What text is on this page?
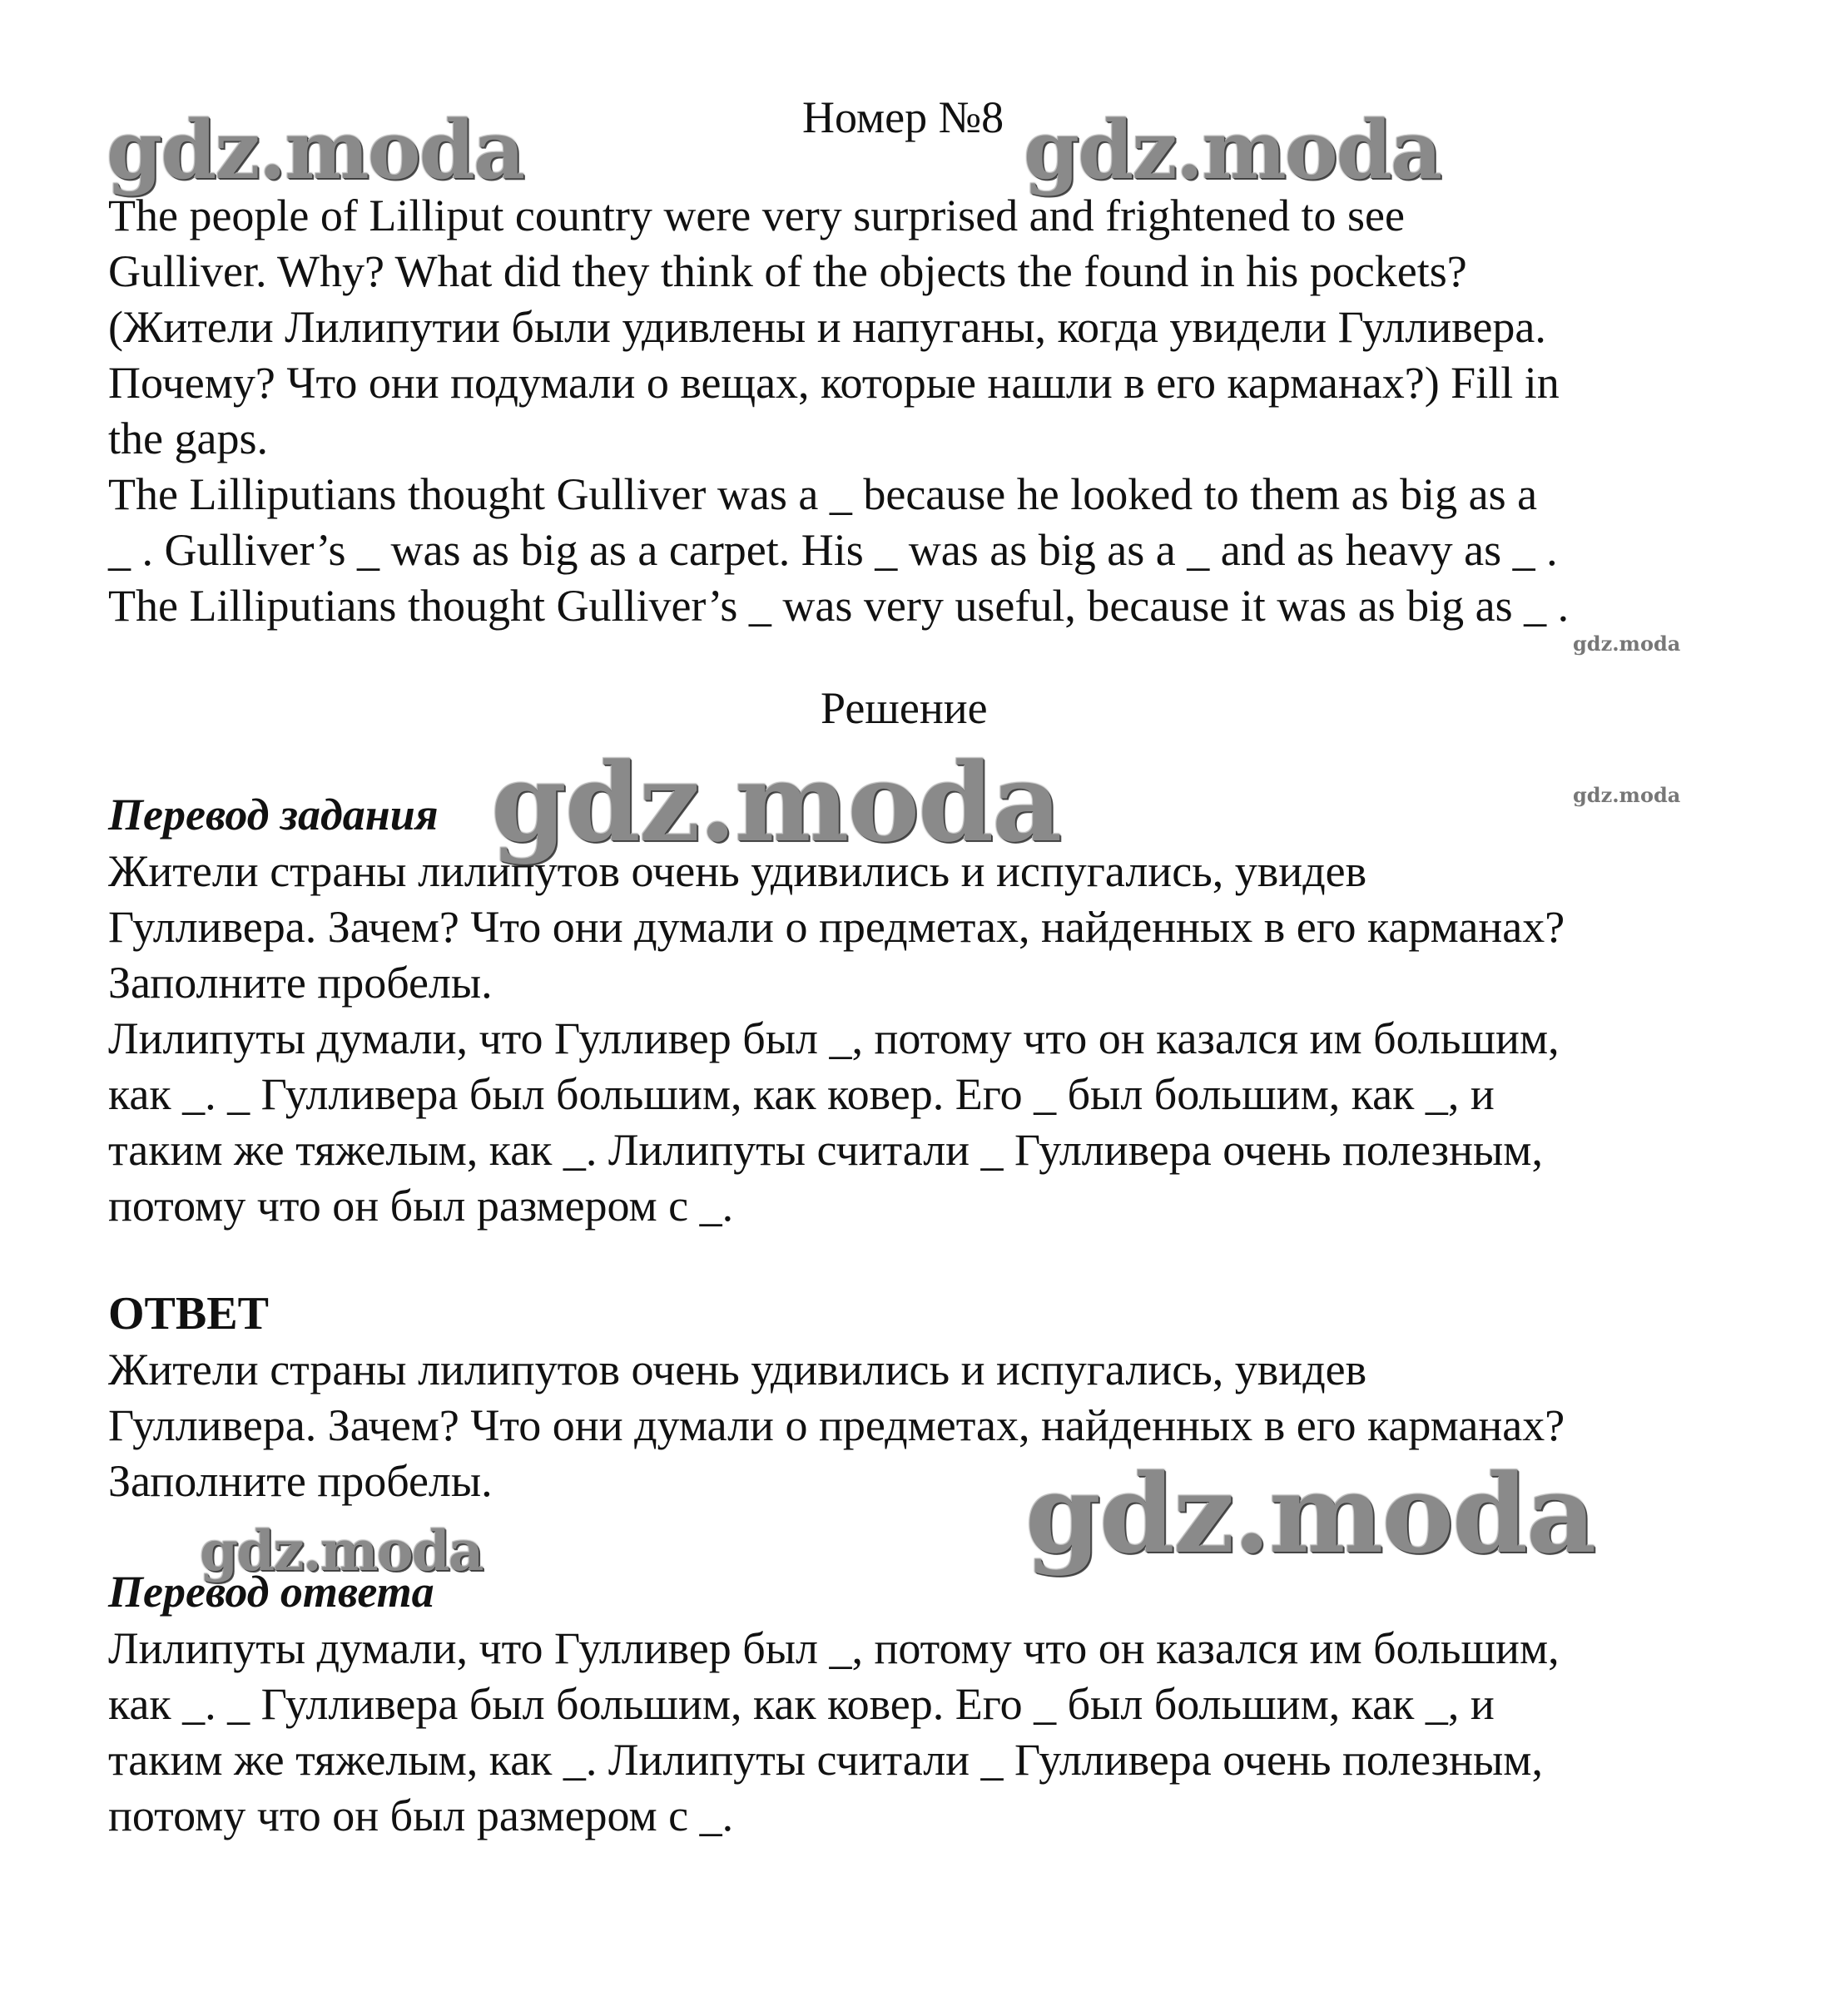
gdz.moda	gdz.moda
gdz.moda
gdz.moda	gdz.moda
gdz.moda
gdz.moda

Номер №8

The people of Lilliput country were very surprised and frightened to see

Gulliver. Why? What did they think of the objects the found in his pockets?

(Жители Лилипутии были удивлены и напуганы, когда увидели Гулливера.

Почему? Что они подумали о вещах, которые нашли в его карманах?) Fill in

the gaps.

The Lilliputians thought Gulliver was a _ because he looked to them as big as a

_ . Gulliver’s _ was as big as a carpet. His _ was as big as a _ and as heavy as _ .

The Lilliputians thought Gulliver’s _ was very useful, because it was as big as _ .

Решение

Перевод задания

Жители страны лилипутов очень удивились и испугались, увидев

Гулливера. Зачем? Что они думали о предметах, найденных в его карманах?

Заполните пробелы.

Лилипуты думали, что Гулливер был _, потому что он казался им большим,

как _. _ Гулливера был большим, как ковер. Его _ был большим, как _, и

таким же тяжелым, как _. Лилипуты считали _ Гулливера очень полезным,

потому что он был размером с _.

ОТВЕТ

Жители страны лилипутов очень удивились и испугались, увидев

Гулливера. Зачем? Что они думали о предметах, найденных в его карманах?

Заполните пробелы.

Перевод ответа

Лилипуты думали, что Гулливер был _, потому что он казался им большим,

как _. _ Гулливера был большим, как ковер. Его _ был большим, как _, и

таким же тяжелым, как _. Лилипуты считали _ Гулливера очень полезным,

потому что он был размером с _.
